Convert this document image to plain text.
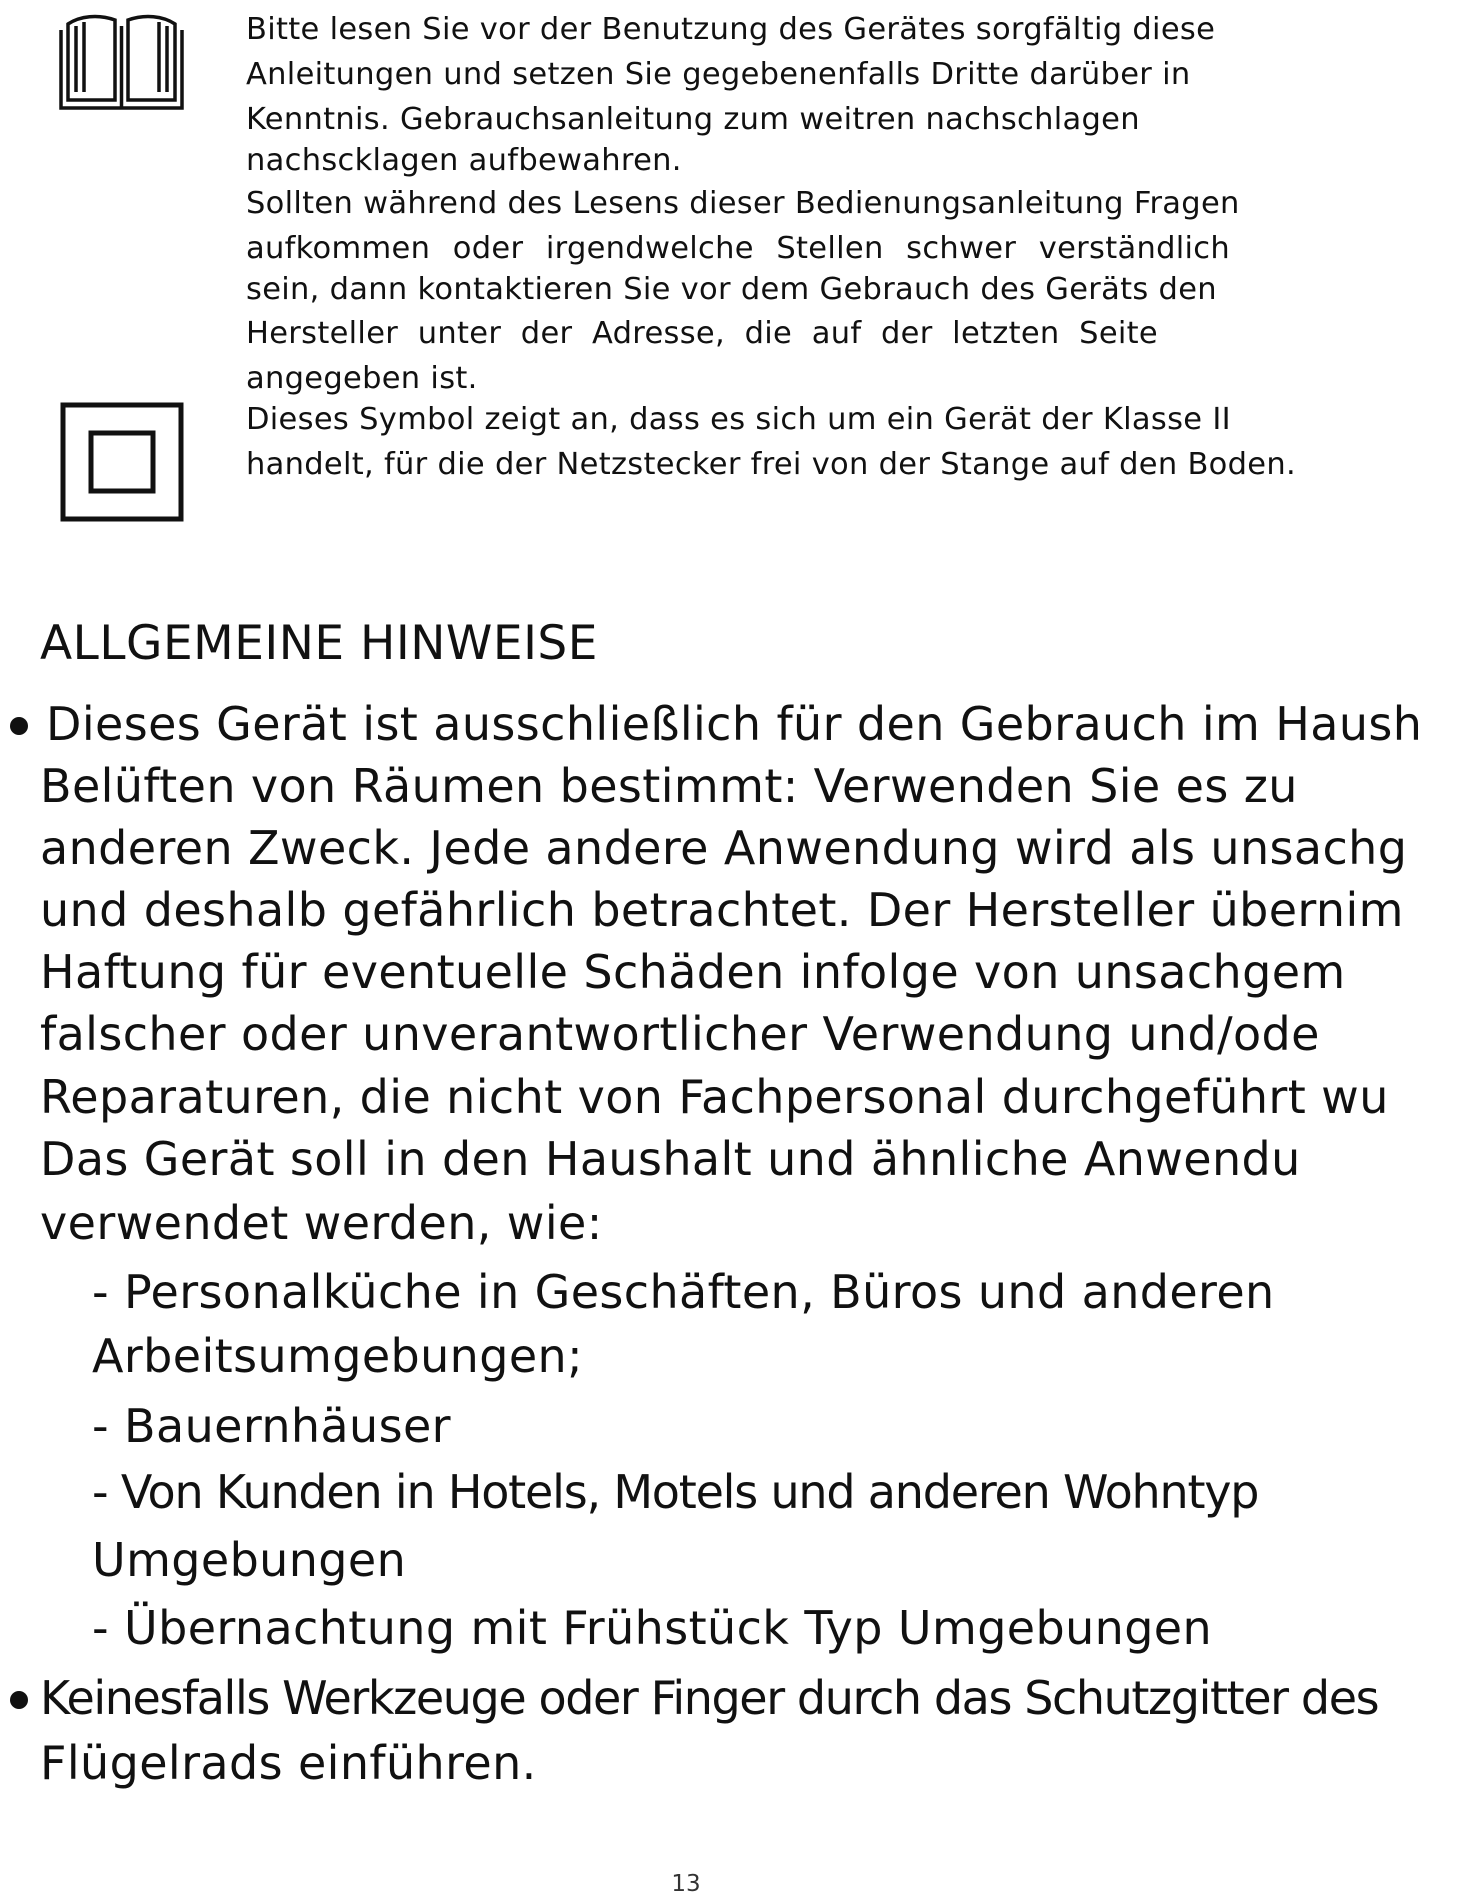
Bitte lesen Sie vor der Benutzung des Gerätes sorgfältig diese
Anleitungen und setzen Sie gegebenenfalls Dritte darüber in
Kenntnis. Gebrauchsanleitung zum weitren nachschlagen
nachscklagen aufbewahren.
Sollten während des Lesens dieser Bedienungsanleitung Fragen
aufkommen oder irgendwelche Stellen schwer verständlich
sein, dann kontaktieren Sie vor dem Gebrauch des Geräts den
Hersteller unter der Adresse, die auf der letzten Seite
angegeben ist.
Dieses Symbol zeigt an, dass es sich um ein Gerät der Klasse II
handelt, für die der Netzstecker frei von der Stange auf den Boden.
ALLGEMEINE HINWEISE
Dieses Gerät ist ausschließlich für den Gebrauch im Haush
Belüften von Räumen bestimmt: Verwenden Sie es zu
anderen Zweck. Jede andere Anwendung wird als unsachg
und deshalb gefährlich betrachtet. Der Hersteller übernim
Haftung für eventuelle Schäden infolge von unsachgem
falscher oder unverantwortlicher Verwendung und/ode
Reparaturen, die nicht von Fachpersonal durchgeführt wu
Das Gerät soll in den Haushalt und ähnliche Anwendu
verwendet werden, wie:
- Personalküche in Geschäften, Büros und anderen
Arbeitsumgebungen;
- Bauernhäuser
- Von Kunden in Hotels, Motels und anderen Wohntyp
Umgebungen
- Übernachtung mit Frühstück Typ Umgebungen
Keinesfalls Werkzeuge oder Finger durch das Schutzgitter des
Flügelrads einführen.
13
